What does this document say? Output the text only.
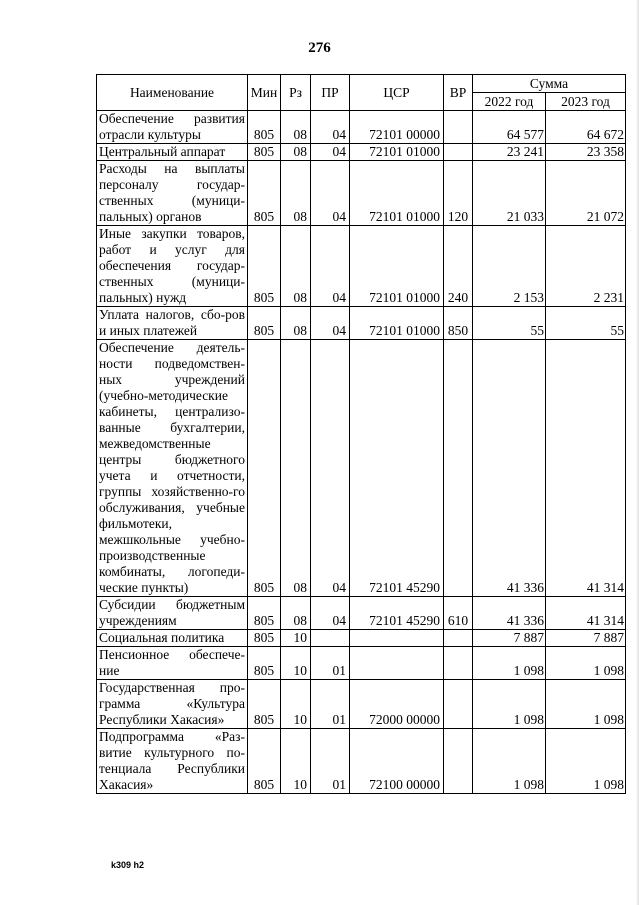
276
Наименование	Мин	Рз	ПР	ЦСР	ВР	Сумма	
						2022 год	2023 год
Обеспечение развития отрасли культуры	805	08	04	72101 00000		64 577	64 672
Центральный аппарат	805	08	04	72101 01000		23 241	23 358
Расходы на выплаты персоналу государ-ственных (муници-пальных) органов	805	08	04	72101 01000	120	21 033	21 072
Иные закупки товаров, работ и услуг для обеспечения государ-ственных (муници-пальных) нужд	805	08	04	72101 01000	240	2 153	2 231
Уплата налогов, сбо-ров и иных платежей	805	08	04	72101 01000	850	55	55
Обеспечение деятель-ности подведомствен-ных учреждений (учебно-методические кабинеты, централизо-ванные бухгалтерии, межведомственные центры бюджетного учета и отчетности, группы хозяйственно-го обслуживания, учебные фильмотеки, межшкольные учебно-производственные комбинаты, логопеди-ческие пункты)	805	08	04	72101 45290		41 336	41 314
Субсидии бюджетным учреждениям	805	08	04	72101 45290	610	41 336	41 314
Социальная политика	805	10				7 887	7 887
Пенсионное обеспече-ние	805	10	01			1 098	1 098
Государственная про-грамма «Культура Республики Хакасия»	805	10	01	72000 00000		1 098	1 098
Подпрограмма «Раз-витие культурного по-тенциала Республики Хакасия»	805	10	01	72100 00000		1 098	1 098
k309 h2
